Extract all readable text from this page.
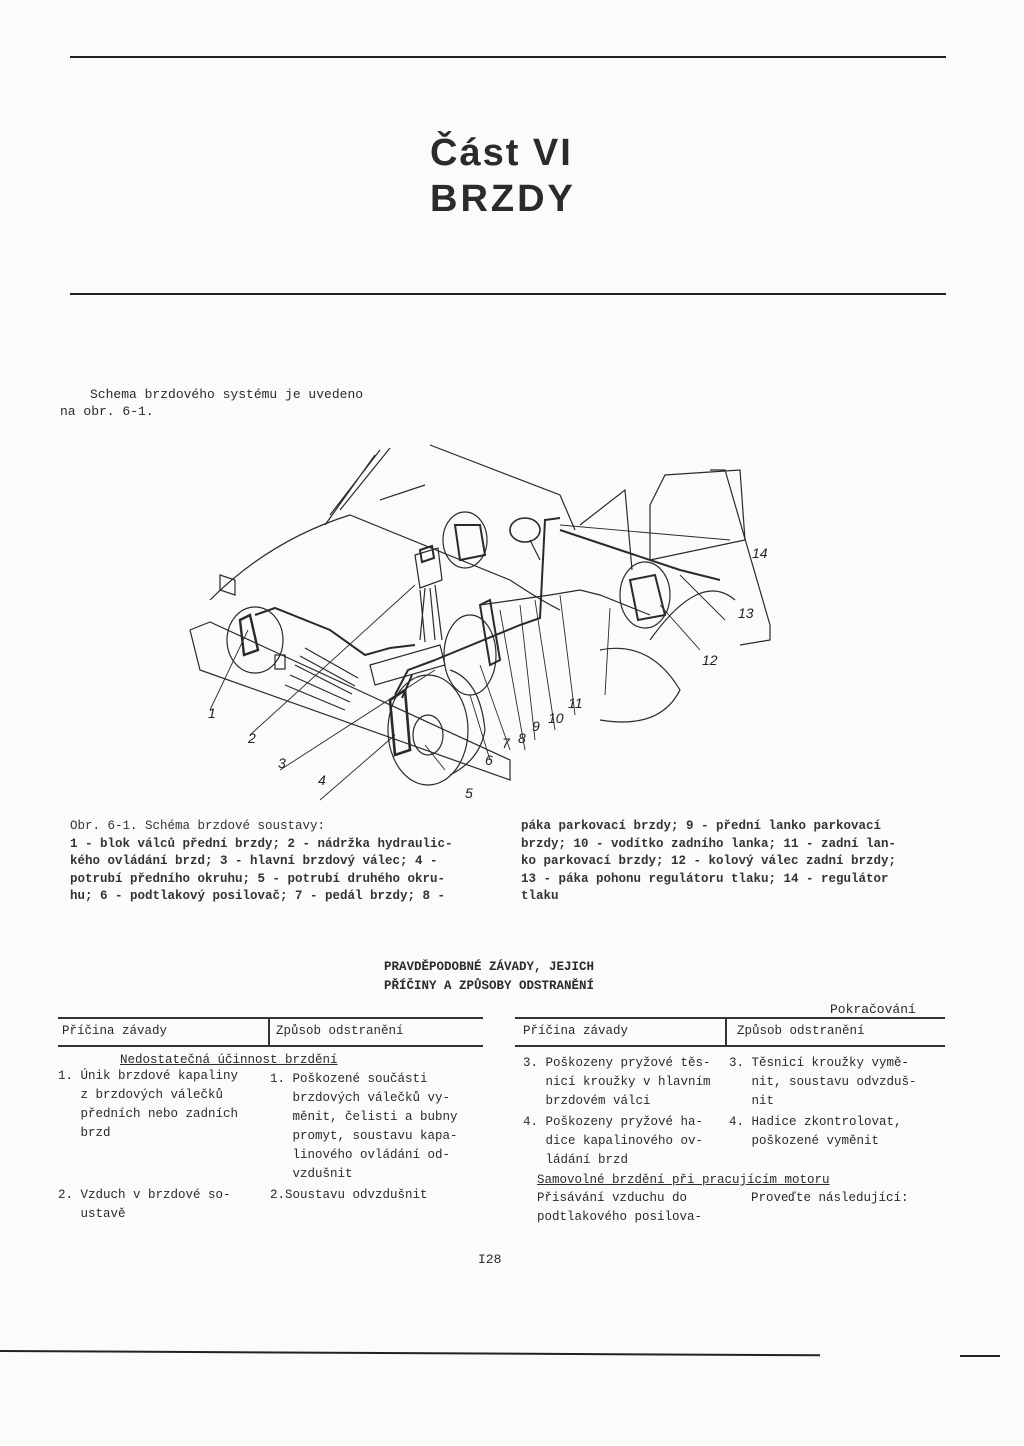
Část VI
BRZDY
Schema brzdového systému je uvedeno
na obr. 6-1.
1
2
3
4
5
6
7 8
9 10
11
12
13
14
Obr. 6-1. Schéma brzdové soustavy:
1 - blok válců přední brzdy; 2 - nádržka hydraulic-
kého ovládání brzd; 3 - hlavní brzdový válec; 4 -
potrubí předního okruhu; 5 - potrubí druhého okru-
hu; 6 - podtlakový posilovač; 7 - pedál brzdy; 8 -
páka parkovací brzdy; 9 - přední lanko parkovací
brzdy; 10 - vodítko zadního lanka; 11 - zadní lan-
ko parkovací brzdy; 12 - kolový válec zadní brzdy;
13 - páka pohonu regulátoru tlaku; 14 - regulátor
tlaku
PRAVDĚPODOBNÉ ZÁVADY, JEJICH
PŘÍČINY A ZPŮSOBY ODSTRANĚNÍ
Pokračování
Příčina závady	Způsob odstranění
Nedostatečná účinnost brzdění
1. Únik brzdové kapaliny
z brzdových válečků
předních nebo zadních
brzd
1. Poškozené součásti
brzdových válečků vy-
měnit, čelisti a bubny
promyt, soustavu kapa-
linového ovládání od-
vzdušnit
2. Vzduch v brzdové so-
ustavě
2.Soustavu odvzdušnit
Příčina závady	Způsob odstranění
3. Poškozeny pryžové těs-
nicí kroužky v hlavním
brzdovém válci
3. Těsnicí kroužky vymě-
nit, soustavu odvzduš-
nit
4. Poškozeny pryžové ha-
dice kapalinového ov-
ládání brzd
4. Hadice zkontrolovat,
poškozené vyměnit
Samovolné brzdění při pracujícím motoru
Přisávání vzduchu do
podtlakového posilova-
Proveďte následující:
I28
